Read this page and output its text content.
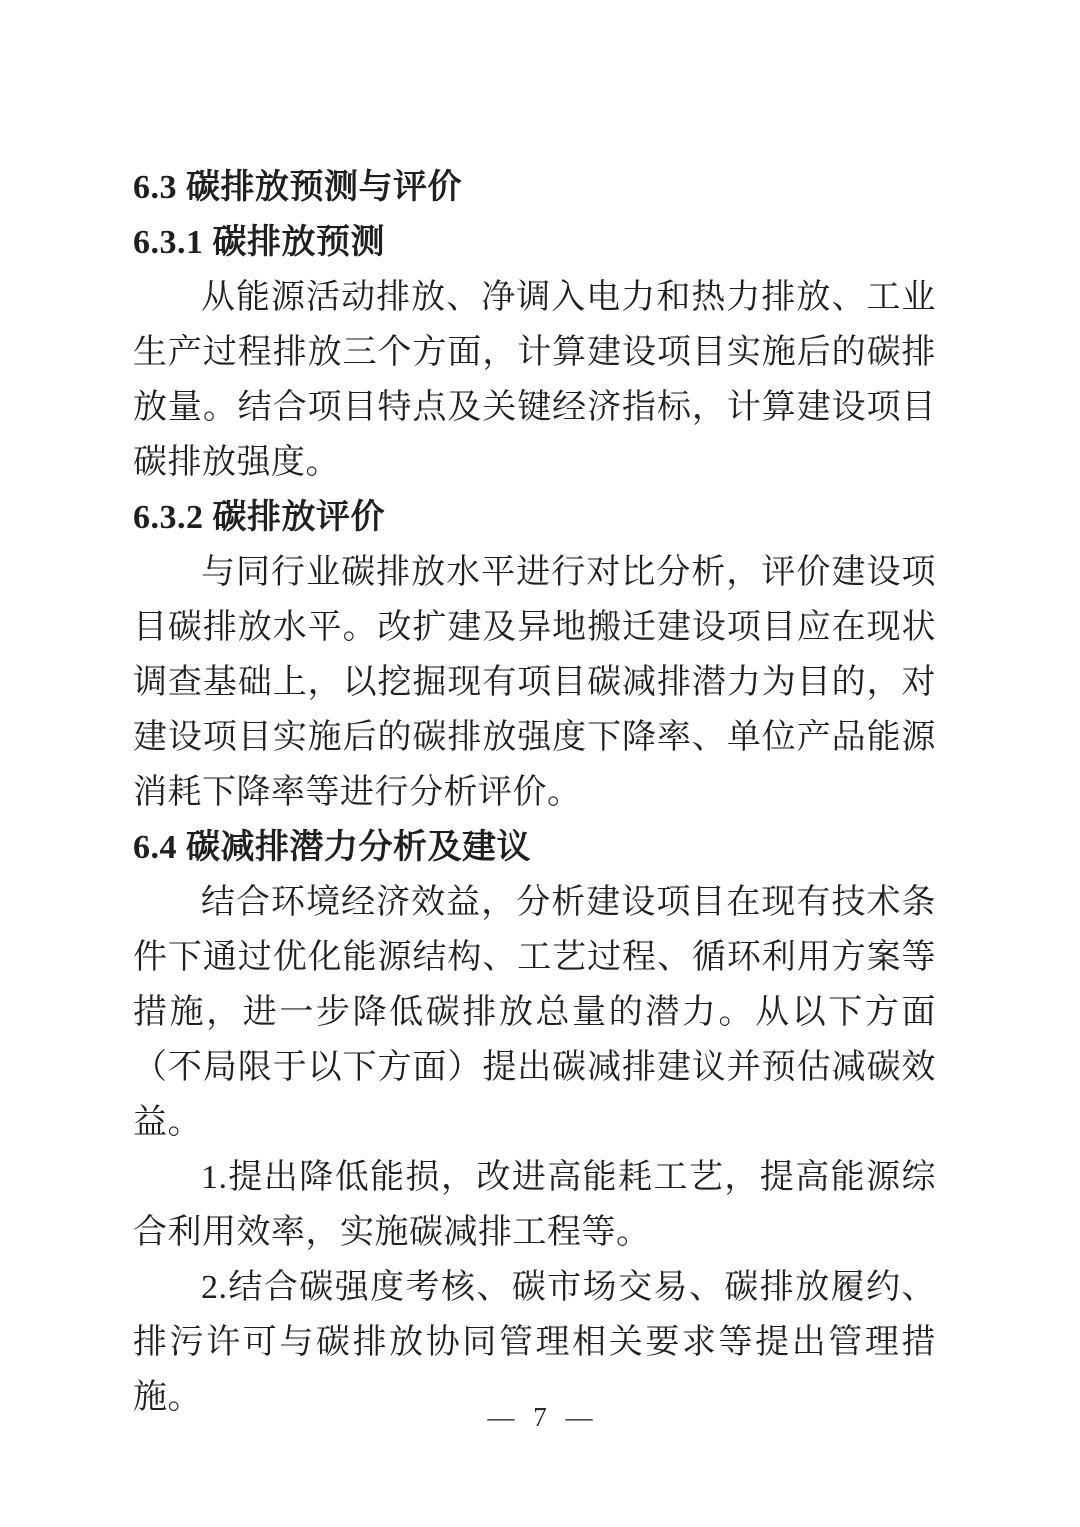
6.3 碳排放预测与评价
6.3.1 碳排放预测
从能源活动排放、净调入电力和热力排放、工业生产过程排放三个方面，计算建设项目实施后的碳排放量。结合项目特点及关键经济指标，计算建设项目碳排放强度。
6.3.2 碳排放评价
与同行业碳排放水平进行对比分析，评价建设项目碳排放水平。改扩建及异地搬迁建设项目应在现状调查基础上，以挖掘现有项目碳减排潜力为目的，对建设项目实施后的碳排放强度下降率、单位产品能源消耗下降率等进行分析评价。
6.4 碳减排潜力分析及建议
结合环境经济效益，分析建设项目在现有技术条件下通过优化能源结构、工艺过程、循环利用方案等措施，进一步降低碳排放总量的潜力。从以下方面（不局限于以下方面）提出碳减排建议并预估减碳效益。
1.提出降低能损，改进高能耗工艺，提高能源综合利用效率，实施碳减排工程等。
2.结合碳强度考核、碳市场交易、碳排放履约、排污许可与碳排放协同管理相关要求等提出管理措施。
— 7 —
